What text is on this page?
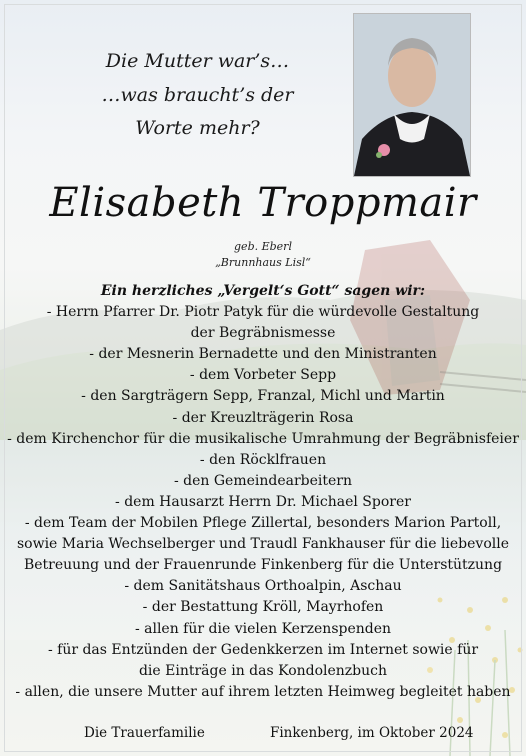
Die Mutter war’s…
…was braucht’s der
Worte mehr?
Elisabeth Troppmair
geb. Eberl
„Brunnhaus Lisl“
Ein herzliches „Vergelt‘s Gott“ sagen wir:
- Herrn Pfarrer Dr. Piotr Patyk für die würdevolle Gestaltung
der Begräbnismesse
- der Mesnerin Bernadette und den Ministranten
- dem Vorbeter Sepp
- den Sargträgern Sepp, Franzal, Michl und Martin
- der Kreuzlträgerin Rosa
- dem Kirchenchor für die musikalische Umrahmung der Begräbnisfeier
- den Röcklfrauen
- den Gemeindearbeitern
- dem Hausarzt Herrn Dr. Michael Sporer
- dem Team der Mobilen Pflege Zillertal, besonders Marion Partoll,
sowie Maria Wechselberger und Traudl Fankhauser für die liebevolle
Betreuung und der Frauenrunde Finkenberg für die Unterstützung
- dem Sanitätshaus Orthoalpin, Aschau
- der Bestattung Kröll, Mayrhofen
- allen für die vielen Kerzenspenden
- für das Entzünden der Gedenkkerzen im Internet sowie für
die Einträge in das Kondolenzbuch
- allen, die unsere Mutter auf ihrem letzten Heimweg begleitet haben
Die Trauerfamilie	Finkenberg, im Oktober 2024
